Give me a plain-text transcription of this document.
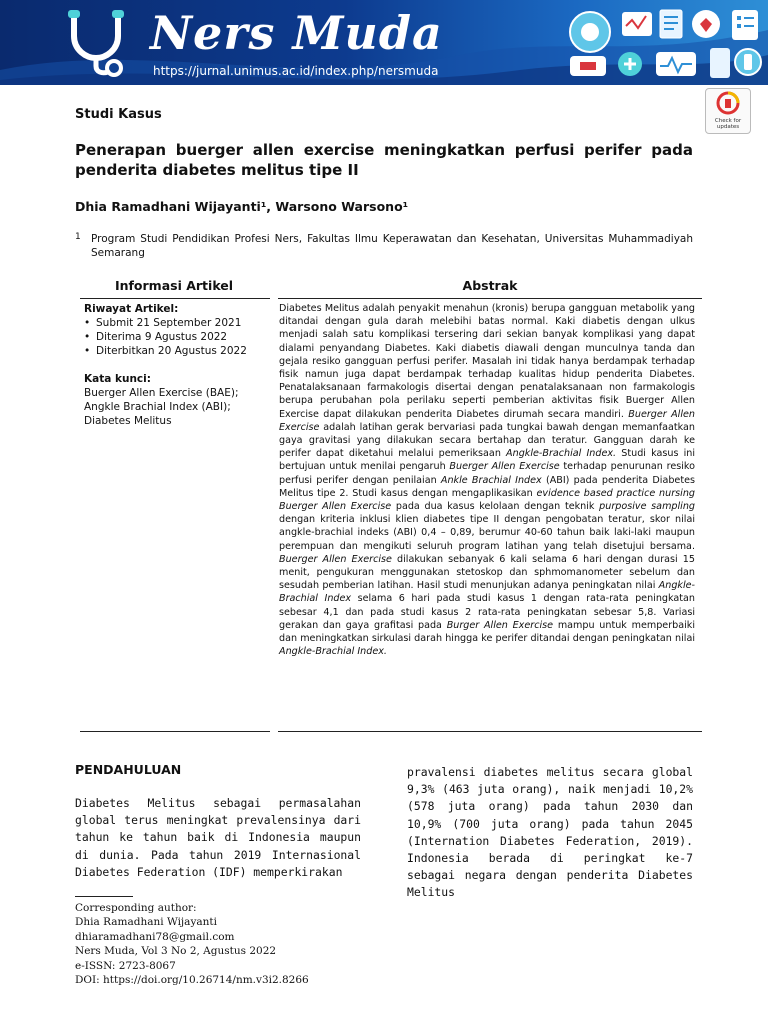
Ners Muda
https://jurnal.unimus.ac.id/index.php/nersmuda
Check for updates
Studi Kasus
Penerapan buerger allen exercise meningkatkan perfusi perifer pada penderita diabetes melitus tipe II
Dhia Ramadhani Wijayanti¹, Warsono Warsono¹
1 Program Studi Pendidikan Profesi Ners, Fakultas Ilmu Keperawatan dan Kesehatan, Universitas Muhammadiyah Semarang
Informasi Artikel	Abstrak
Riwayat Artikel:
• Submit 21 September 2021
• Diterima 9 Agustus 2022
• Diterbitkan 20 Agustus 2022
Kata kunci:
Buerger Allen Exercise (BAE); Angkle Brachial Index (ABI); Diabetes Melitus

Diabetes Melitus adalah penyakit menahun (kronis) berupa gangguan metabolik yang ditandai dengan gula darah melebihi batas normal. Kaki diabetis dengan ulkus menjadi salah satu komplikasi tersering dari sekian banyak komplikasi yang dapat dialami penyandang Diabetes. Kaki diabetis diawali dengan munculnya tanda dan gejala resiko gangguan perfusi perifer. Masalah ini tidak hanya berdampak terhadap fisik namun juga dapat berdampak terhadap kualitas hidup penderita Diabetes. Penatalaksanaan farmakologis disertai dengan penatalaksanaan non farmakologis berupa perubahan pola perilaku seperti pemberian aktivitas fisik Buerger Allen Exercise dapat dilakukan penderita Diabetes dirumah secara mandiri. Buerger Allen Exercise adalah latihan gerak bervariasi pada tungkai bawah dengan memanfaatkan gaya gravitasi yang dilakukan secara bertahap dan teratur. Gangguan darah ke perifer dapat diketahui melalui pemeriksaan Angkle-Brachial Index. Studi kasus ini bertujuan untuk menilai pengaruh Buerger Allen Exercise terhadap penurunan resiko perfusi perifer dengan penilaian Ankle Brachial Index (ABI) pada penderita Diabetes Melitus tipe 2. Studi kasus dengan mengaplikasikan evidence based practice nursing Buerger Allen Exercise pada dua kasus kelolaan dengan teknik purposive sampling dengan kriteria inklusi klien diabetes tipe II dengan pengobatan teratur, skor nilai angkle-brachial indeks (ABI) 0,4 – 0,89, berumur 40-60 tahun baik laki-laki maupun perempuan dan mengikuti seluruh program latihan yang telah disetujui bersama. Buerger Allen Exercise dilakukan sebanyak 6 kali selama 6 hari dengan durasi 15 menit, pengukuran menggunakan stetoskop dan sphmomanometer sebelum dan sesudah pemberian latihan. Hasil studi menunjukan adanya peningkatan nilai Angkle-Brachial Index selama 6 hari pada studi kasus 1 dengan rata-rata peningkatan sebesar 4,1 dan pada studi kasus 2 rata-rata peningkatan sebesar 5,8. Variasi gerakan dan gaya grafitasi pada Burger Allen Exercise mampu untuk memperbaiki dan meningkatkan sirkulasi darah hingga ke perifer ditandai dengan peningkatan nilai Angkle-Brachial Index.

PENDAHULUAN

Diabetes Melitus sebagai permasalahan global terus meningkat prevalensinya dari tahun ke tahun baik di Indonesia maupun di dunia. Pada tahun 2019 Internasional Diabetes Federation (IDF) memperkirakan

pravalensi diabetes melitus secara global 9,3% (463 juta orang), naik menjadi 10,2% (578 juta orang) pada tahun 2030 dan 10,9% (700 juta orang) pada tahun 2045 (Internation Diabetes Federation, 2019). Indonesia berada di peringkat ke-7 sebagai negara dengan penderita Diabetes Melitus

Corresponding author:
Dhia Ramadhani Wijayanti
dhiaramadhani78@gmail.com
Ners Muda, Vol 3 No 2, Agustus 2022
e-ISSN: 2723-8067
DOI: https://doi.org/10.26714/nm.v3i2.8266
